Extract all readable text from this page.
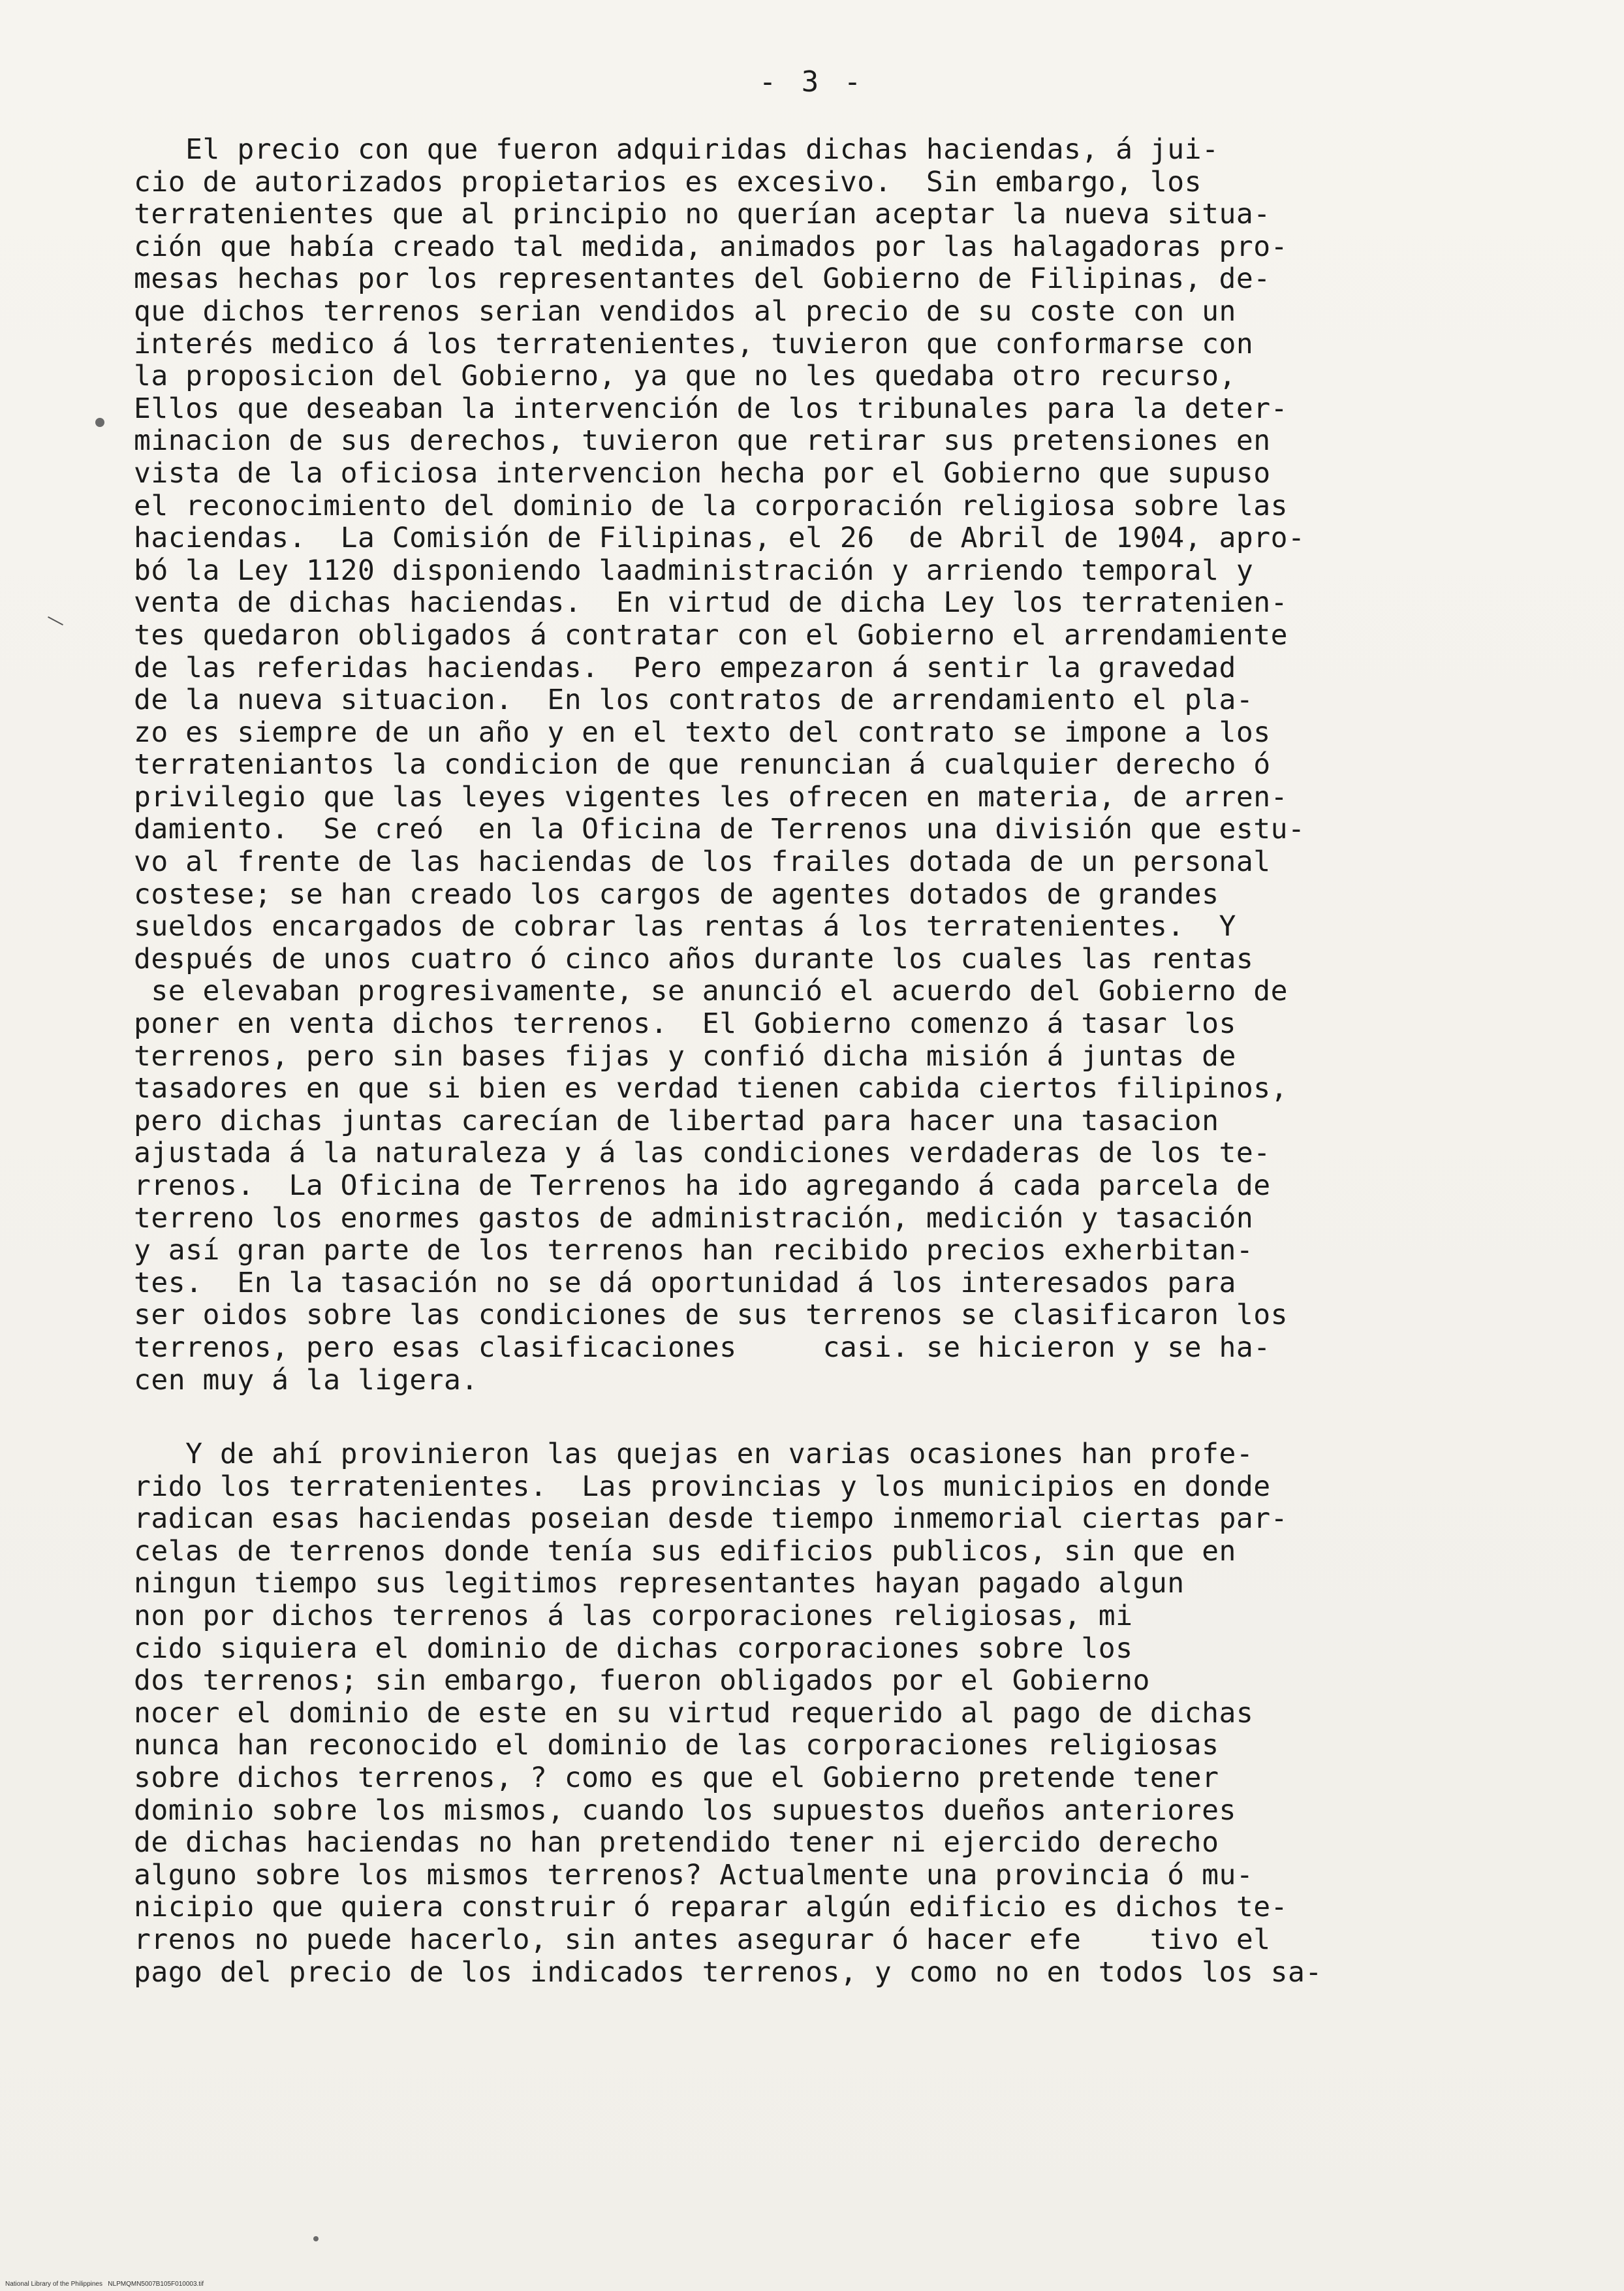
- 3 -
El precio con que fueron adquiridas dichas haciendas, á jui-
cio de autorizados propietarios es excesivo.  Sin embargo, los
terratenientes que al principio no querían aceptar la nueva situa-
ción que había creado tal medida, animados por las halagadoras pro-
mesas hechas por los representantes del Gobierno de Filipinas, de-
que dichos terrenos serian vendidos al precio de su coste con un
interés medico á los terratenientes, tuvieron que conformarse con
la proposicion del Gobierno, ya que no les quedaba otro recurso,
Ellos que deseaban la intervención de los tribunales para la deter-
minacion de sus derechos, tuvieron que retirar sus pretensiones en
vista de la oficiosa intervencion hecha por el Gobierno que supuso
el reconocimiento del dominio de la corporación religiosa sobre las
haciendas.  La Comisión de Filipinas, el 26  de Abril de 1904, apro-
bó la Ley 1120 disponiendo laadministración y arriendo temporal y
venta de dichas haciendas.  En virtud de dicha Ley los terratenien-
tes quedaron obligados á contratar con el Gobierno el arrendamiente
de las referidas haciendas.  Pero empezaron á sentir la gravedad
de la nueva situacion.  En los contratos de arrendamiento el pla-
zo es siempre de un año y en el texto del contrato se impone a los
terrateniantos la condicion de que renuncian á cualquier derecho ó
privilegio que las leyes vigentes les ofrecen en materia, de arren-
damiento.  Se creó  en la Oficina de Terrenos una división que estu-
vo al frente de las haciendas de los frailes dotada de un personal
costese; se han creado los cargos de agentes dotados de grandes
sueldos encargados de cobrar las rentas á los terratenientes.  Y
después de unos cuatro ó cinco años durante los cuales las rentas
se elevaban progresivamente, se anunció el acuerdo del Gobierno de
poner en venta dichos terrenos.  El Gobierno comenzo á tasar los
terrenos, pero sin bases fijas y confió dicha misión á juntas de
tasadores en que si bien es verdad tienen cabida ciertos filipinos,
pero dichas juntas carecían de libertad para hacer una tasacion
ajustada á la naturaleza y á las condiciones verdaderas de los te-
rrenos.  La Oficina de Terrenos ha ido agregando á cada parcela de
terreno los enormes gastos de administración, medición y tasación
y así gran parte de los terrenos han recibido precios exherbitan-
tes.  En la tasación no se dá oportunidad á los interesados para
ser oidos sobre las condiciones de sus terrenos se clasificaron los
terrenos, pero esas clasificaciones     casi. se hicieron y se ha-
cen muy á la ligera.
Y de ahí provinieron las quejas en varias ocasiones han profe-
rido los terratenientes.  Las provincias y los municipios en donde
radican esas haciendas poseian desde tiempo inmemorial ciertas par-
celas de terrenos donde tenía sus edificios publicos, sin que en
ningun tiempo sus legitimos representantes hayan pagado algun
non por dichos terrenos á las corporaciones religiosas, mi
cido siquiera el dominio de dichas corporaciones sobre los
dos terrenos; sin embargo, fueron obligados por el Gobierno
nocer el dominio de este en su virtud requerido al pago de dichas
nunca han reconocido el dominio de las corporaciones religiosas
sobre dichos terrenos, ? como es que el Gobierno pretende tener
dominio sobre los mismos, cuando los supuestos dueños anteriores
de dichas haciendas no han pretendido tener ni ejercido derecho
alguno sobre los mismos terrenos? Actualmente una provincia ó mu-
nicipio que quiera construir ó reparar algún edificio es dichos te-
rrenos no puede hacerlo, sin antes asegurar ó hacer efe    tivo el
pago del precio de los indicados terrenos, y como no en todos los sa-
National Library of the Philippines   NLPMQMN5007B105F010003.tif
